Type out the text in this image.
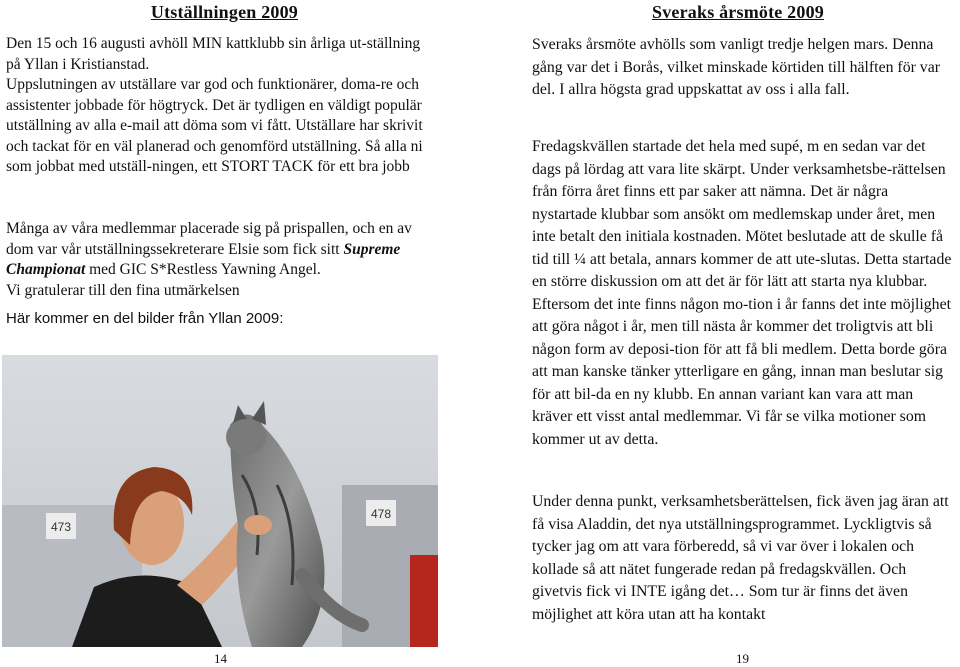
Utställningen 2009
Den 15 och 16 augusti avhöll MIN kattklubb sin årliga ut-ställning på Yllan i Kristianstad.
Uppslutningen av utställare var god och funktionärer, doma-re och assistenter jobbade för högtryck. Det är tydligen en väldigt populär utställning av alla e-mail att döma som vi fått. Utställare har skrivit och tackat för en väl planerad och genomförd utställning. Så alla ni som jobbat med utställ-ningen, ett STORT TACK för ett bra jobb
Många av våra medlemmar placerade sig på prispallen, och en av dom var vår utställningssekreterare Elsie som fick sitt Supreme Championat med GIC S*Restless Yawning Angel.
Vi gratulerar till den fina utmärkelsen
Här kommer en del bilder från Yllan 2009:
473
478
14
Sveraks årsmöte 2009
Sveraks årsmöte avhölls som vanligt tredje helgen mars. Denna gång var det i Borås, vilket minskade körtiden till hälften för var del. I allra högsta grad uppskattat av oss i alla fall.
Fredagskvällen startade det hela med supé, m en sedan var det dags på lördag att vara lite skärpt. Under verksamhetsbe-rättelsen från förra året finns ett par saker att nämna. Det är några nystartade klubbar som ansökt om medlemskap under året, men inte betalt den initiala kostnaden. Mötet beslutade att de skulle få tid till ¼ att betala, annars kommer de att ute-slutas. Detta startade en större diskussion om att det är för lätt att starta nya klubbar. Eftersom det inte finns någon mo-tion i år fanns det inte möjlighet att göra något i år, men till nästa år kommer det troligtvis att bli någon form av deposi-tion för att få bli medlem. Detta borde göra att man kanske tänker ytterligare en gång, innan man beslutar sig för att bil-da en ny klubb. En annan variant kan vara att man kräver ett visst antal medlemmar. Vi får se vilka motioner som kommer ut av detta.
Under denna punkt, verksamhetsberättelsen, fick även jag äran att få visa Aladdin, det nya utställningsprogrammet. Lyckligtvis så tycker jag om att vara förberedd, så vi var över i lokalen och kollade så att nätet fungerade redan på fredagskvällen. Och givetvis fick vi INTE igång det… Som tur är finns det även möjlighet att köra utan att ha kontakt
19
